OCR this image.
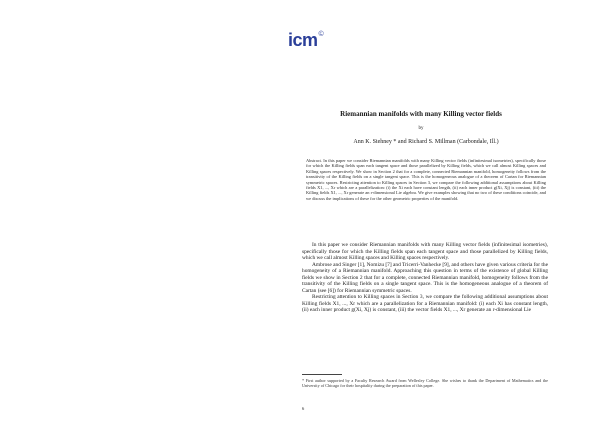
icm ©
Riemannian manifolds with many Killing vector fields
by
Ann K. Stehney * and Richard S. Millman (Carbondale, Ill.)
Abstract. In this paper we consider Riemannian manifolds with many Killing vector fields (infinitesimal isometries), specifically those for which the Killing fields span each tangent space and those parallelized by Killing fields, which we call almost Killing spaces and Killing spaces respectively. We show in Section 2 that for a complete, connected Riemannian manifold, homogeneity follows from the transitivity of the Killing fields on a single tangent space. This is the homogeneous analogue of a theorem of Cartan for Riemannian symmetric spaces. Restricting attention to Killing spaces in Section 3, we compare the following additional assumptions about Killing fields X1, ..., Xr which are a parallelization: (i) the Xi each have constant length, (ii) each inner product g(Xi, Xj) is constant, (iii) the Killing fields X1, ..., Xr generate an r-dimensional Lie algebra. We give examples showing that no two of these conditions coincide, and we discuss the implications of these for the other geometric properties of the manifold.

In this paper we consider Riemannian manifolds with many Killing vector fields (infinitesimal isometries), specifically those for which the Killing fields span each tangent space and those parallelized by Killing fields, which we call almost Killing spaces and Killing spaces respectively.

Ambrose and Singer [1], Nomizu [7] and Tricerri-Vanhecke [9], and others have given various criteria for the homogeneity of a Riemannian manifold. Approaching this question in terms of the existence of global Killing fields we show in Section 2 that for a complete, connected Riemannian manifold, homogeneity follows from the transitivity of the Killing fields on a single tangent space. This is the homogeneous analogue of a theorem of Cartan (see [6]) for Riemannian symmetric spaces.

Restricting attention to Killing spaces in Section 3, we compare the following additional assumptions about Killing fields X1, ..., Xr which are a parallelization for a Riemannian manifold: (i) each Xi has constant length, (ii) each inner product g(Xi, Xj) is constant, (iii) the vector fields X1, ..., Xr generate an r-dimensional Lie

* First author supported by a Faculty Research Award from Wellesley College. She wishes to thank the Department of Mathematics and the University of Chicago for their hospitality during the preparation of this paper.
6
